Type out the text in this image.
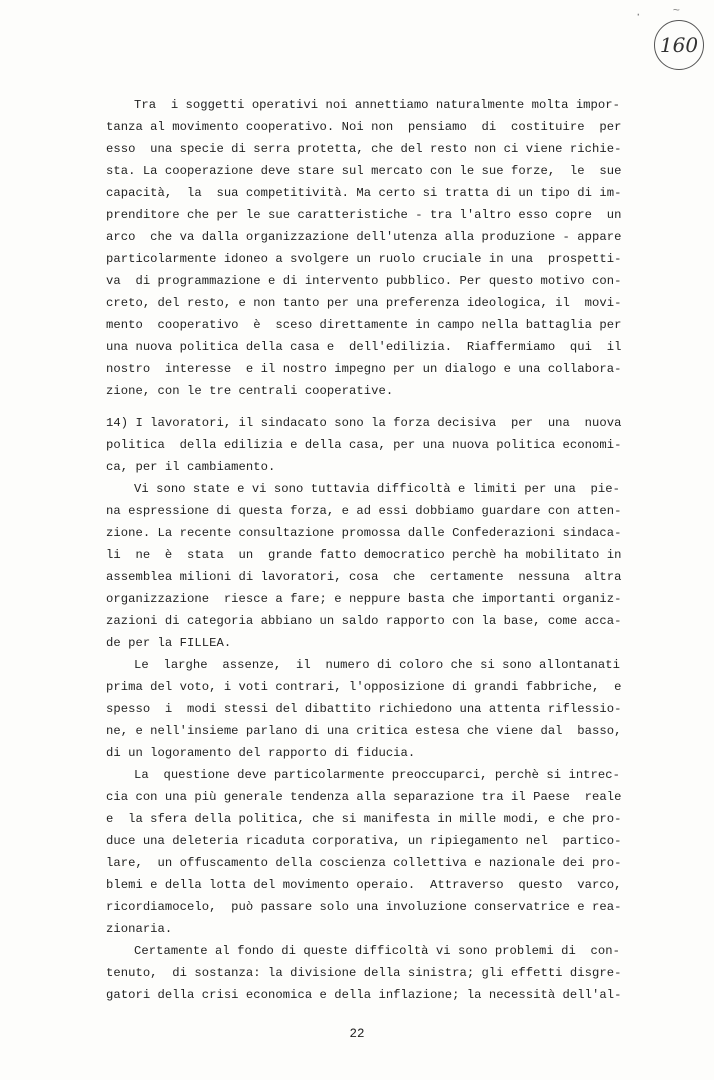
·	~
160

Tra  i soggetti operativi noi annettiamo naturalmente molta impor-

tanza al movimento cooperativo. Noi non  pensiamo  di  costituire  per

esso  una specie di serra protetta, che del resto non ci viene richie-

sta. La cooperazione deve stare sul mercato con le sue forze,  le  sue

capacità,  la  sua competitività. Ma certo si tratta di un tipo di im-

prenditore che per le sue caratteristiche - tra l'altro esso copre  un

arco  che va dalla organizzazione dell'utenza alla produzione - appare

particolarmente idoneo a svolgere un ruolo cruciale in una  prospetti-

va  di programmazione e di intervento pubblico. Per questo motivo con-

creto, del resto, e non tanto per una preferenza ideologica, il  movi-

mento  cooperativo  è  sceso direttamente in campo nella battaglia per

una nuova politica della casa e  dell'edilizia.  Riaffermiamo  qui  il

nostro  interesse  e il nostro impegno per un dialogo e una collabora-

zione, con le tre centrali cooperative.

14) I lavoratori, il sindacato sono la forza decisiva  per  una  nuova

politica  della edilizia e della casa, per una nuova politica economi-

ca, per il cambiamento.

Vi sono state e vi sono tuttavia difficoltà e limiti per una  pie-

na espressione di questa forza, e ad essi dobbiamo guardare con atten-

zione. La recente consultazione promossa dalle Confederazioni sindaca-

li  ne  è  stata  un  grande fatto democratico perchè ha mobilitato in

assemblea milioni di lavoratori, cosa  che  certamente  nessuna  altra

organizzazione  riesce a fare; e neppure basta che importanti organiz-

zazioni di categoria abbiano un saldo rapporto con la base, come acca-

de per la FILLEA.

Le  larghe  assenze,  il  numero di coloro che si sono allontanati

prima del voto, i voti contrari, l'opposizione di grandi fabbriche,  e

spesso  i  modi stessi del dibattito richiedono una attenta riflessio-

ne, e nell'insieme parlano di una critica estesa che viene dal  basso,

di un logoramento del rapporto di fiducia.

La  questione deve particolarmente preoccuparci, perchè si intrec-

cia con una più generale tendenza alla separazione tra il Paese  reale

e  la sfera della politica, che si manifesta in mille modi, e che pro-

duce una deleteria ricaduta corporativa, un ripiegamento nel  partico-

lare,  un offuscamento della coscienza collettiva e nazionale dei pro-

blemi e della lotta del movimento operaio.  Attraverso  questo  varco,

ricordiamocelo,  può passare solo una involuzione conservatrice e rea-

zionaria.

Certamente al fondo di queste difficoltà vi sono problemi di  con-

tenuto,  di sostanza: la divisione della sinistra; gli effetti disgre-

gatori della crisi economica e della inflazione; la necessità dell'al-

22
